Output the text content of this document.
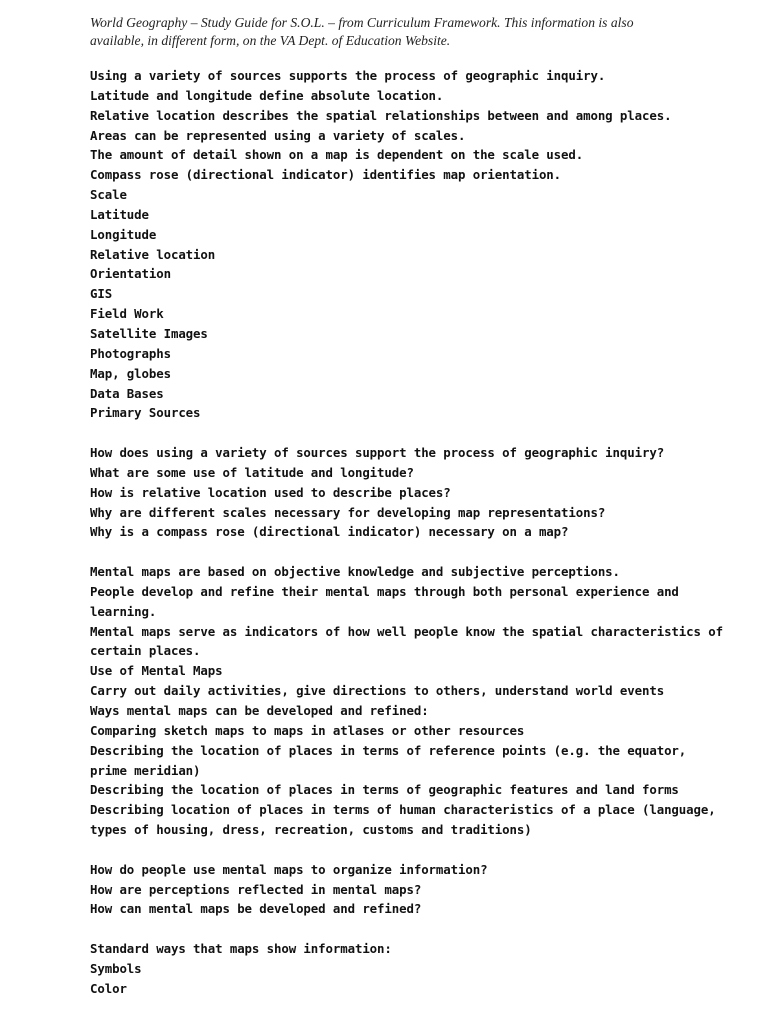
World Geography – Study Guide for S.O.L. – from Curriculum Framework. This information is also
available, in different form, on the VA Dept. of Education Website.
Using a variety of sources supports the process of geographic inquiry.
Latitude and longitude define absolute location.
Relative location describes the spatial relationships between and among places.
Areas can be represented using a variety of scales.
The amount of detail shown on a map is dependent on the scale used.
Compass rose (directional indicator) identifies map orientation.
Scale
Latitude
Longitude
Relative location
Orientation
GIS
Field Work
Satellite Images
Photographs
Map, globes
Data Bases
Primary Sources
How does using a variety of sources support the process of geographic inquiry?
What are some use of latitude and longitude?
How is relative location used to describe places?
Why are different scales necessary for developing map representations?
Why is a compass rose (directional indicator) necessary on a map?
Mental maps are based on objective knowledge and subjective perceptions.
People develop and refine their mental maps through both personal experience and
learning.
Mental maps serve as indicators of how well people know the spatial characteristics of
certain places.
Use of Mental Maps
Carry out daily activities, give directions to others, understand world events
Ways mental maps can be developed and refined:
Comparing sketch maps to maps in atlases or other resources
Describing the location of places in terms of reference points (e.g. the equator,
prime meridian)
Describing the location of places in terms of geographic features and land forms
Describing location of places in terms of human characteristics of a place (language,
types of housing, dress, recreation, customs and traditions)
How do people use mental maps to organize information?
How are perceptions reflected in mental maps?
How can mental maps be developed and refined?
Standard ways that maps show information:
Symbols
Color
